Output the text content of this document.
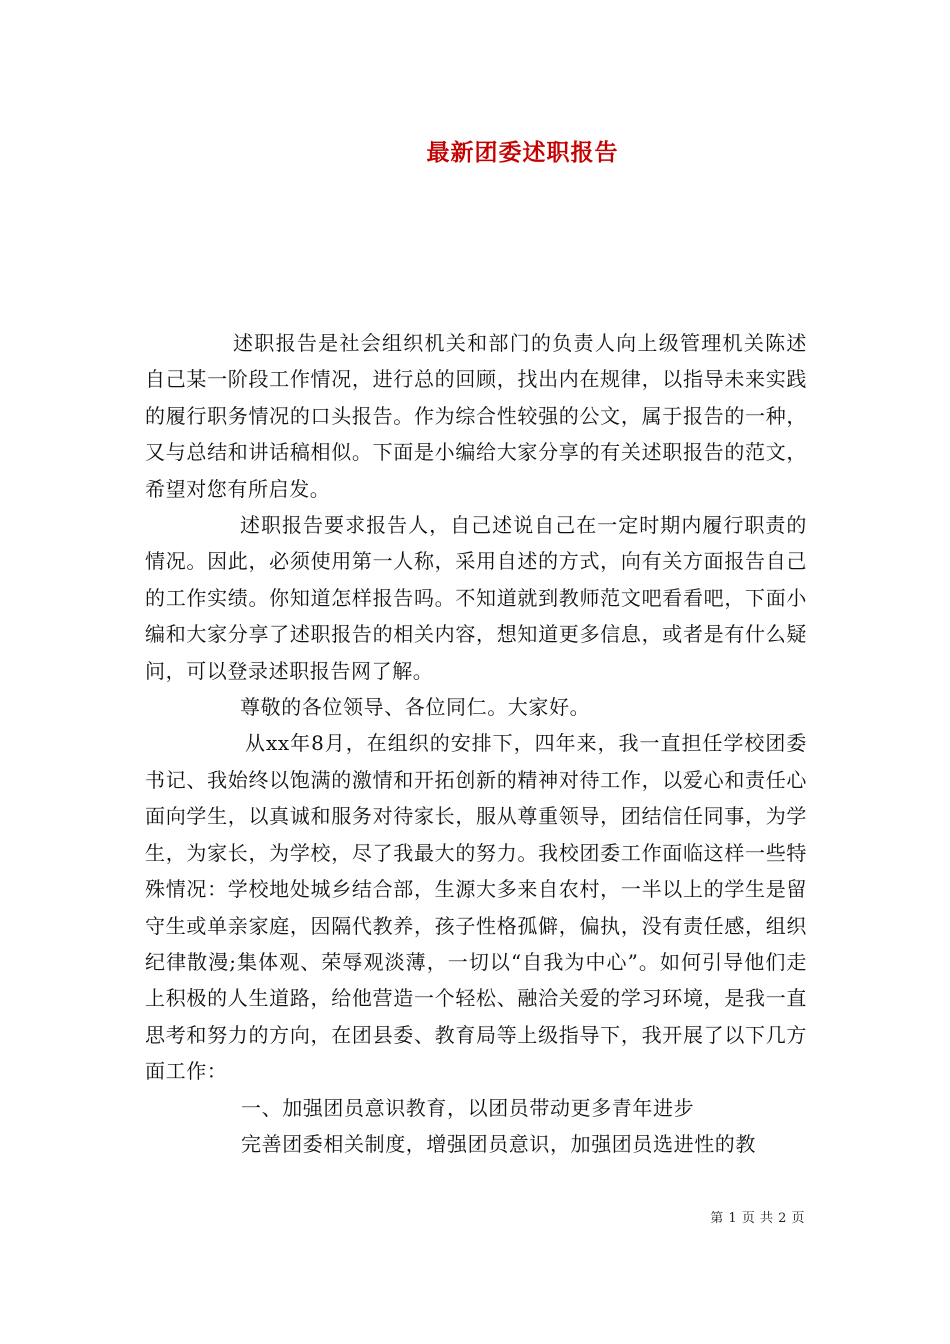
最新团委述职报告

述职报告是社会组织机关和部门的负责人向上级管理机关陈述自己某一阶段工作情况，进行总的回顾，找出内在规律，以指导未来实践的履行职务情况的口头报告。作为综合性较强的公文，属于报告的一种，又与总结和讲话稿相似。下面是小编给大家分享的有关述职报告的范文，希望对您有所启发。

述职报告要求报告人，自己述说自己在一定时期内履行职责的情况。因此，必须使用第一人称，采用自述的方式，向有关方面报告自己的工作实绩。你知道怎样报告吗。不知道就到教师范文吧看看吧，下面小编和大家分享了述职报告的相关内容，想知道更多信息，或者是有什么疑问，可以登录述职报告网了解。

尊敬的各位领导、各位同仁。大家好。

从xx年8月，在组织的安排下，四年来，我一直担任学校团委书记、我始终以饱满的激情和开拓创新的精神对待工作，以爱心和责任心面向学生，以真诚和服务对待家长，服从尊重领导，团结信任同事，为学生，为家长，为学校，尽了我最大的努力。我校团委工作面临这样一些特殊情况：学校地处城乡结合部，生源大多来自农村，一半以上的学生是留守生或单亲家庭，因隔代教养，孩子性格孤僻，偏执，没有责任感，组织纪律散漫;集体观、荣辱观淡薄，一切以“自我为中心”。如何引导他们走上积极的人生道路，给他营造一个轻松、融洽关爱的学习环境，是我一直思考和努力的方向，在团县委、教育局等上级指导下，我开展了以下几方面工作：

一、加强团员意识教育，以团员带动更多青年进步

完善团委相关制度，增强团员意识，加强团员选进性的教

第 1 页 共 2 页
